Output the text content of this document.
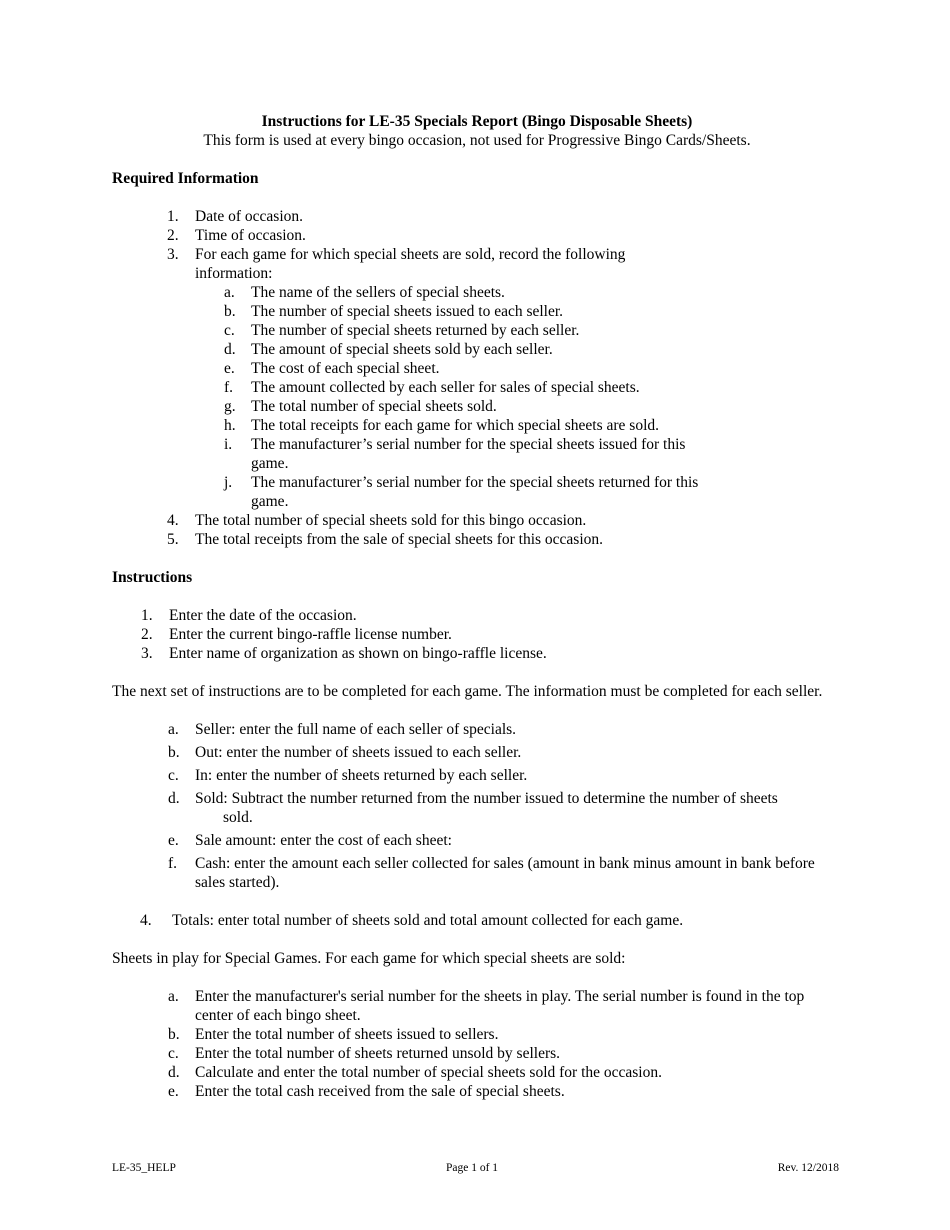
Instructions for LE-35 Specials Report (Bingo Disposable Sheets)
This form is used at every bingo occasion, not used for Progressive Bingo Cards/Sheets.
Required Information
1. Date of occasion.
2. Time of occasion.
3. For each game for which special sheets are sold, record the following information:
a. The name of the sellers of special sheets.
b. The number of special sheets issued to each seller.
c. The number of special sheets returned by each seller.
d. The amount of special sheets sold by each seller.
e. The cost of each special sheet.
f. The amount collected by each seller for sales of special sheets.
g. The total number of special sheets sold.
h. The total receipts for each game for which special sheets are sold.
i. The manufacturer’s serial number for the special sheets issued for this game.
j. The manufacturer’s serial number for the special sheets returned for this game.
4. The total number of special sheets sold for this bingo occasion.
5. The total receipts from the sale of special sheets for this occasion.
Instructions
1. Enter the date of the occasion.
2. Enter the current bingo-raffle license number.
3. Enter name of organization as shown on bingo-raffle license.
The next set of instructions are to be completed for each game. The information must be completed for each seller.
a. Seller: enter the full name of each seller of specials.
b. Out: enter the number of sheets issued to each seller.
c. In: enter the number of sheets returned by each seller.
d. Sold: Subtract the number returned from the number issued to determine the number of sheets
sold.
e. Sale amount: enter the cost of each sheet:
f. Cash: enter the amount each seller collected for sales (amount in bank minus amount in bank before sales started).
4. Totals: enter total number of sheets sold and total amount collected for each game.
Sheets in play for Special Games. For each game for which special sheets are sold:
a. Enter the manufacturer's serial number for the sheets in play. The serial number is found in the top center of each bingo sheet.
b. Enter the total number of sheets issued to sellers.
c. Enter the total number of sheets returned unsold by sellers.
d. Calculate and enter the total number of special sheets sold for the occasion.
e. Enter the total cash received from the sale of special sheets.
LE-35_HELP	Page 1 of 1	Rev. 12/2018
